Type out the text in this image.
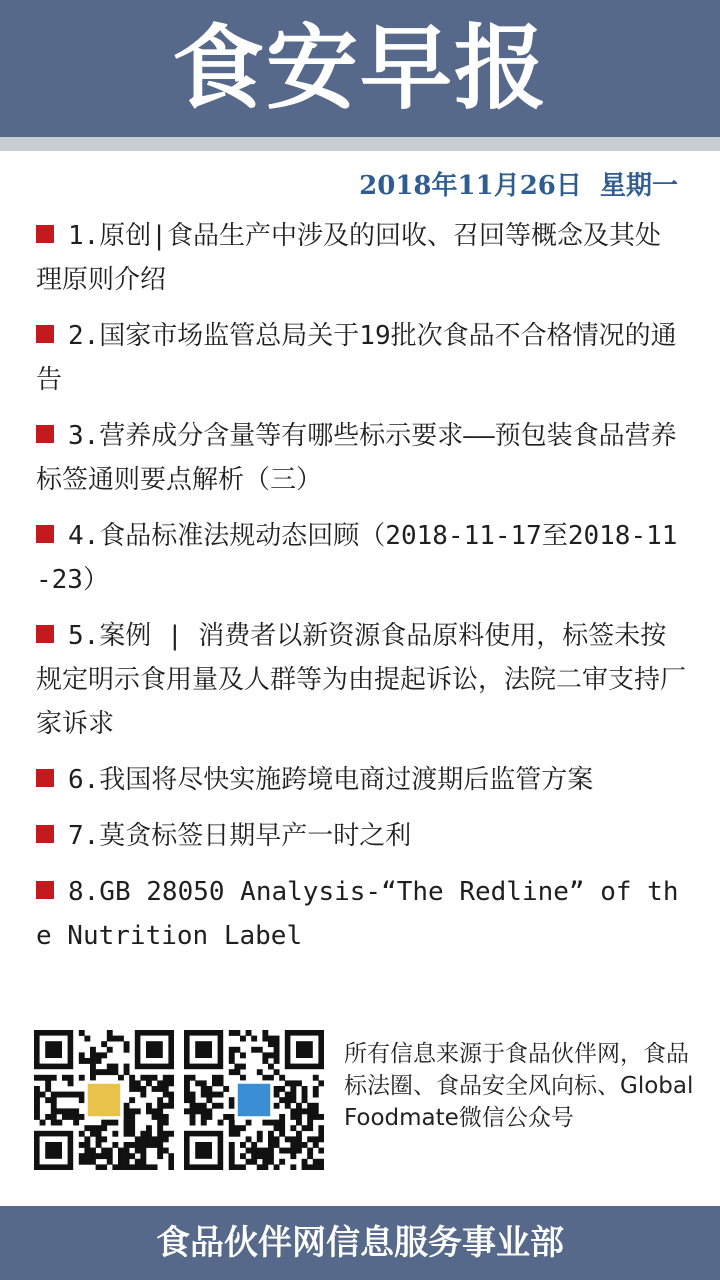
食安早报
2018年11月26日  星期一

1.原创|食品生产中涉及的回收、召回等概念及其处理原则介绍

2.国家市场监管总局关于19批次食品不合格情况的通告

3.营养成分含量等有哪些标示要求——预包装食品营养标签通则要点解析（三）

4.食品标准法规动态回顾（2018-11-17至2018-11-23）

5.案例 | 消费者以新资源食品原料使用，标签未按规定明示食用量及人群等为由提起诉讼，法院二审支持厂家诉求

6.我国将尽快实施跨境电商过渡期后监管方案

7.莫贪标签日期早产一时之利

8.GB 28050 Analysis-“The Redline” of the Nutrition Label

所有信息来源于食品伙伴网，食品标法圈、食品安全风向标、Global Foodmate微信公众号
食品伙伴网信息服务事业部
